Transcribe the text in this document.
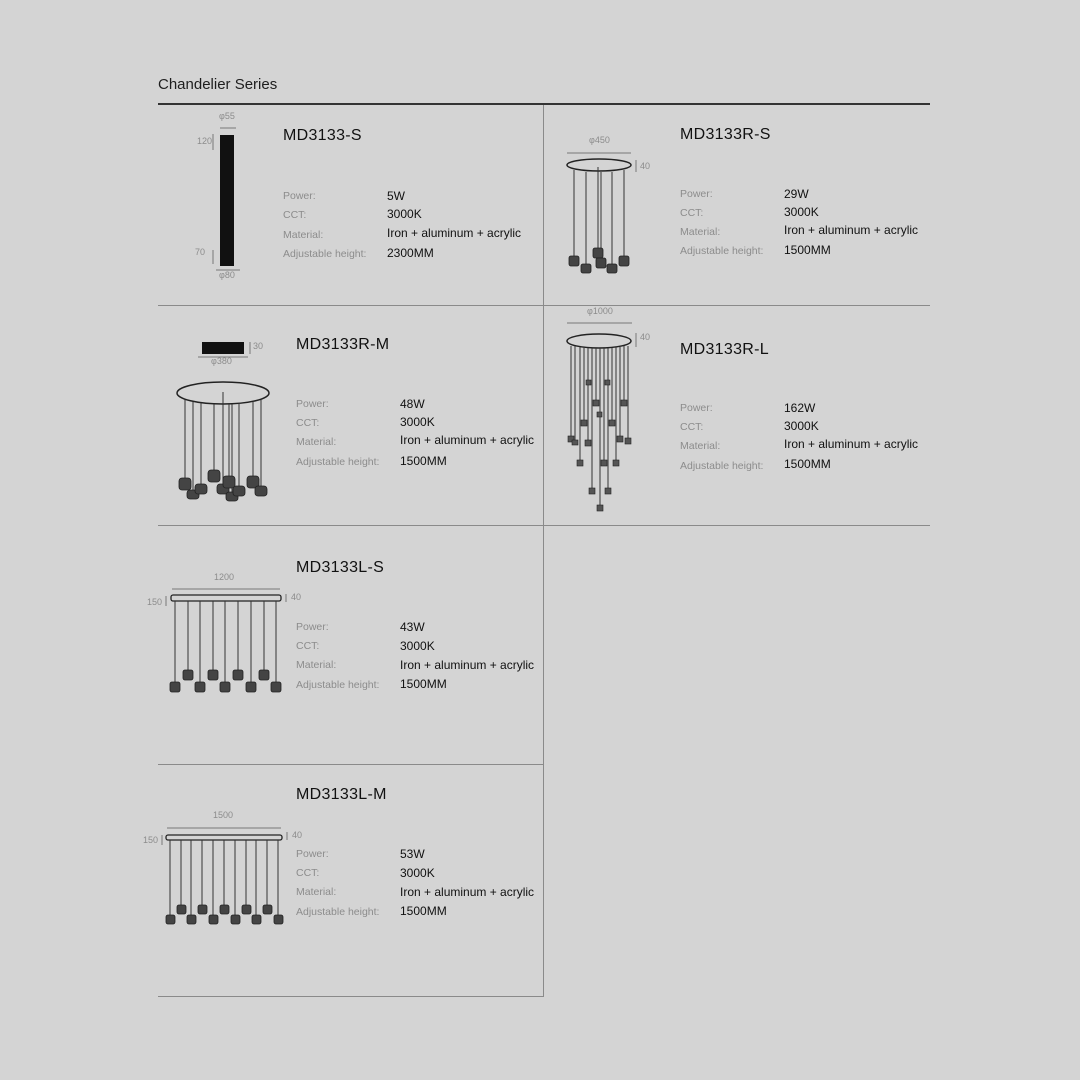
Chandelier Series
φ55
120
70
φ80
MD3133-S
Power:	5W
CCT:	3000K
Material:	Iron + aluminum + acrylic
Adjustable height: 2300MM
φ450
40
MD3133R-S
Power:	29W
CCT:	3000K
Material:	Iron + aluminum + acrylic
Adjustable height: 1500MM
30
φ380
MD3133R-M
Power:	48W
CCT:	3000K
Material:	Iron + aluminum + acrylic
Adjustable height: 1500MM
φ1000
40
MD3133R-L
Power:	162W
CCT:	3000K
Material:	Iron + aluminum + acrylic
Adjustable height: 1500MM
1200
150	40
MD3133L-S
Power:	43W
CCT:	3000K
Material:	Iron + aluminum + acrylic
Adjustable height: 1500MM
1500
150	40
MD3133L-M
Power:	53W
CCT:	3000K
Material:	Iron + aluminum + acrylic
Adjustable height: 1500MM
